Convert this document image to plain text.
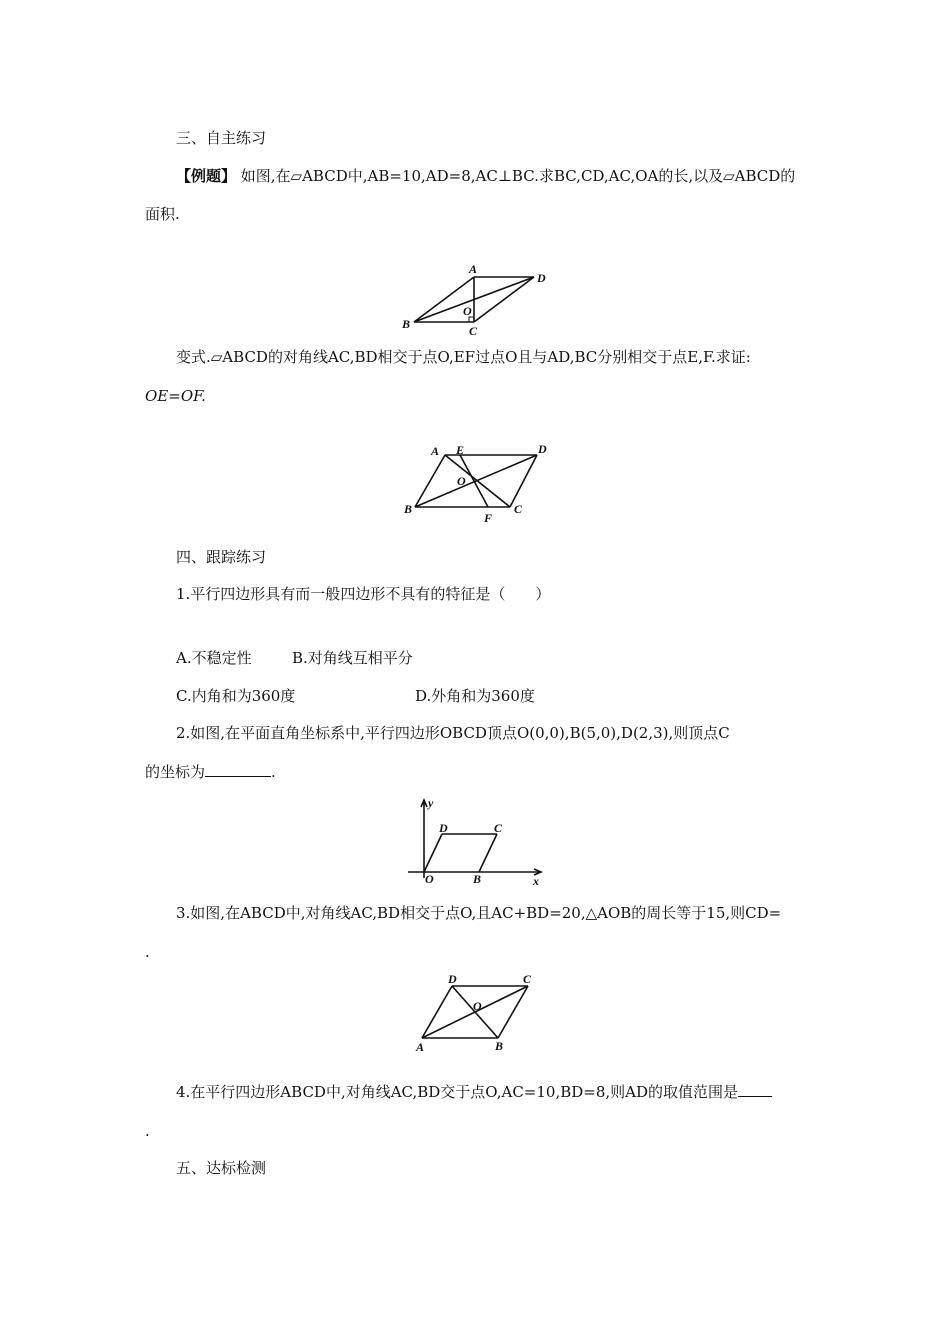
三、自主练习
【例题】 如图,在▱ABCD中,AB=10,AD=8,AC⊥BC.求BC,CD,AC,OA的长,以及▱ABCD的
面积.
A
B	C
D
O
变式.▱ABCD的对角线AC,BD相交于点O,EF过点O且与AD,BC分别相交于点E,F.求证:
OE=OF.
A E	D
O
B
F
C
四、跟踪练习
1.平行四边形具有而一般四边形不具有的特征是（　　）
A.不稳定性	B.对角线互相平分
C.内角和为360度	D.外角和为360度
2.如图,在平面直角坐标系中,平行四边形OBCD顶点O(0,0),B(5,0),D(2,3),则顶点C
的坐标为	.
y
x
O	B
C
D
3.如图,在ABCD中,对角线AC,BD相交于点O,且AC+BD=20,△AOB的周长等于15,则CD=
.
D	C
O
A	B
4.在平行四边形ABCD中,对角线AC,BD交于点O,AC=10,BD=8,则AD的取值范围是
.
五、达标检测
